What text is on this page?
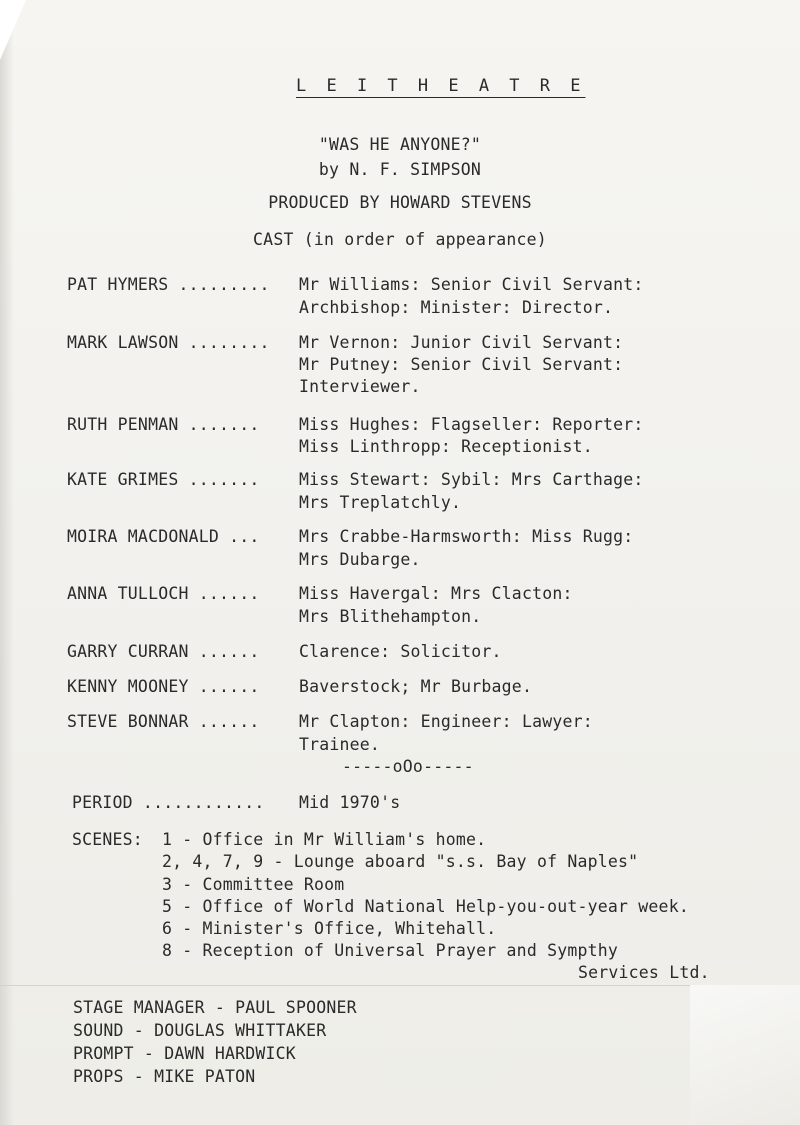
L E I T H E A T R E
"WAS HE ANYONE?"
by N. F. SIMPSON
PRODUCED BY HOWARD STEVENS
CAST (in order of appearance)
PAT HYMERS ......... Mr Williams: Senior Civil Servant:
Archbishop: Minister: Director.
MARK LAWSON ........ Mr Vernon: Junior Civil Servant:
Mr Putney: Senior Civil Servant:
Interviewer.
RUTH PENMAN ....... Miss Hughes: Flagseller: Reporter:
Miss Linthropp: Receptionist.
KATE GRIMES ....... Miss Stewart: Sybil: Mrs Carthage:
Mrs Treplatchly.
MOIRA MACDONALD ... Mrs Crabbe-Harmsworth: Miss Rugg:
Mrs Dubarge.
ANNA TULLOCH ...... Miss Havergal: Mrs Clacton:
Mrs Blithehampton.
GARRY CURRAN ...... Clarence: Solicitor.
KENNY MOONEY ...... Baverstock; Mr Burbage.
STEVE BONNAR ...... Mr Clapton: Engineer: Lawyer:
Trainee.
-----oOo-----
PERIOD ............ Mid 1970's
SCENES: 1 - Office in Mr William's home.
2, 4, 7, 9 - Lounge aboard "s.s. Bay of Naples"
3 - Committee Room
5 - Office of World National Help-you-out-year week.
6 - Minister's Office, Whitehall.
8 - Reception of Universal Prayer and Sympthy
Services Ltd.
STAGE MANAGER - PAUL SPOONER
SOUND - DOUGLAS WHITTAKER
PROMPT - DAWN HARDWICK
PROPS - MIKE PATON
